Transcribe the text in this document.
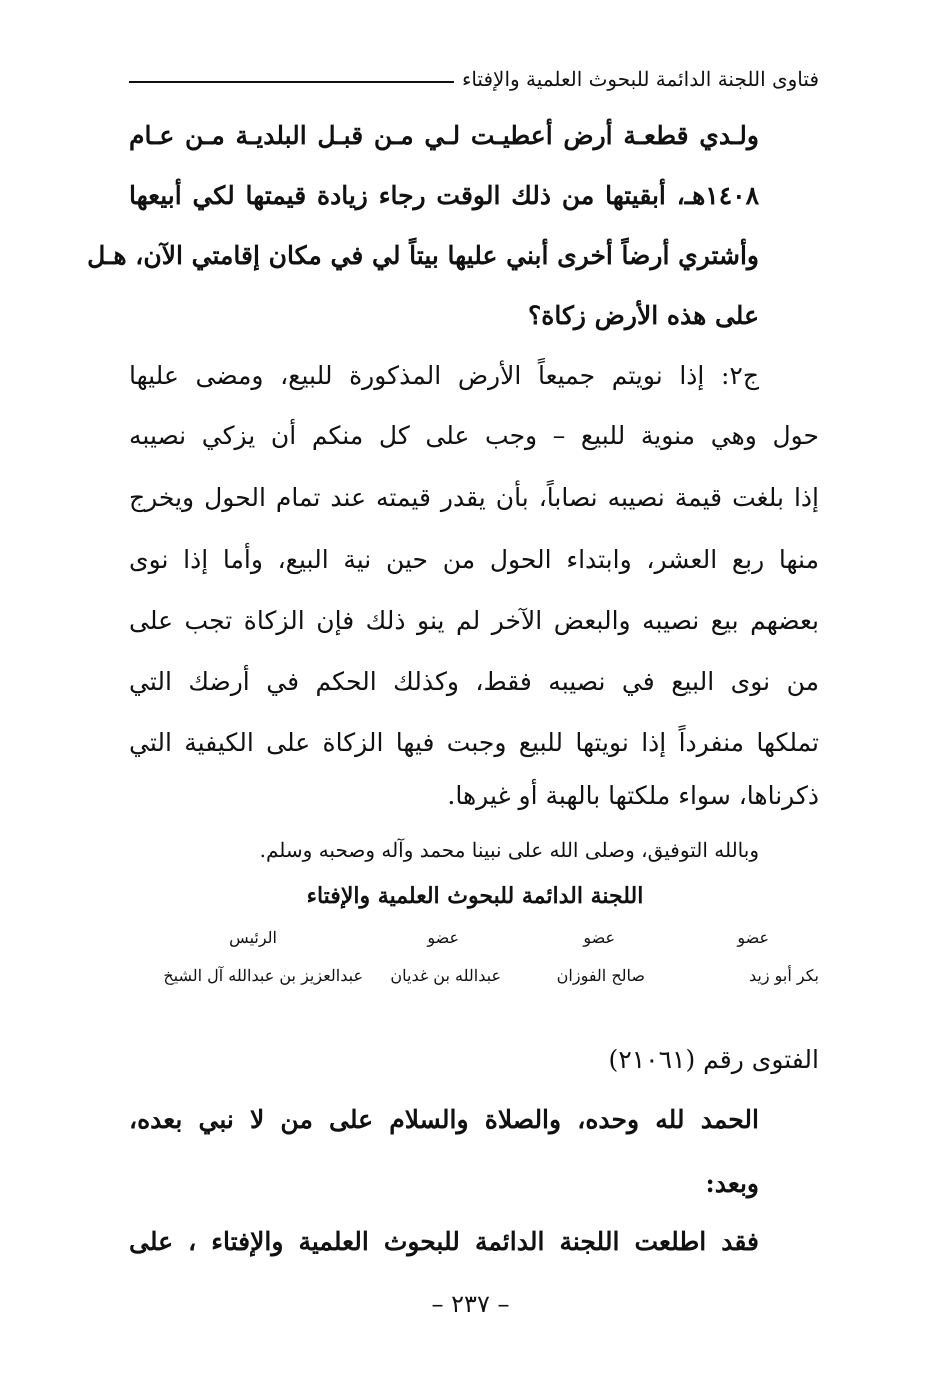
فتاوى اللجنة الدائمة للبحوث العلمية والإفتاء
ولـدي قطعـة أرض أعطيـت لـي مـن قبـل البلديـة مـن عـام
١٤٠٨هـ، أبقيتها من ذلك الوقت رجاء زيادة قيمتها لكي أبيعها
وأشتري أرضاً أخرى أبني عليها بيتاً لي في مكان إقامتي الآن، هـل
على هذه الأرض زكاة؟
ج٢: إذا نويتم جميعاً الأرض المذكورة للبيع، ومضى عليها
حول وهي منوية للبيع – وجب على كل منكم أن يزكي نصيبه
إذا بلغت قيمة نصيبه نصاباً، بأن يقدر قيمته عند تمام الحول ويخرج
منها ربع العشر، وابتداء الحول من حين نية البيع، وأما إذا نوى
بعضهم بيع نصيبه والبعض الآخر لم ينو ذلك فإن الزكاة تجب على
من نوى البيع في نصيبه فقط، وكذلك الحكم في أرضك التي
تملكها منفرداً إذا نويتها للبيع وجبت فيها الزكاة على الكيفية التي
ذكرناها، سواء ملكتها بالهبة أو غيرها.
وبالله التوفيق، وصلى الله على نبينا محمد وآله وصحبه وسلم.
اللجنة الدائمة للبحوث العلمية والإفتاء
عضو
بكر أبو زيد
عضو
صالح الفوزان
عضو
عبدالله بن غديان
الرئيس
عبدالعزيز بن عبدالله آل الشيخ
الفتوى رقم (٢١٠٦١)
الحمد لله وحده، والصلاة والسلام على من لا نبي بعده،
وبعد:
فقد اطلعت اللجنة الدائمة للبحوث العلمية والإفتاء ، على
– ٢٣٧ –
